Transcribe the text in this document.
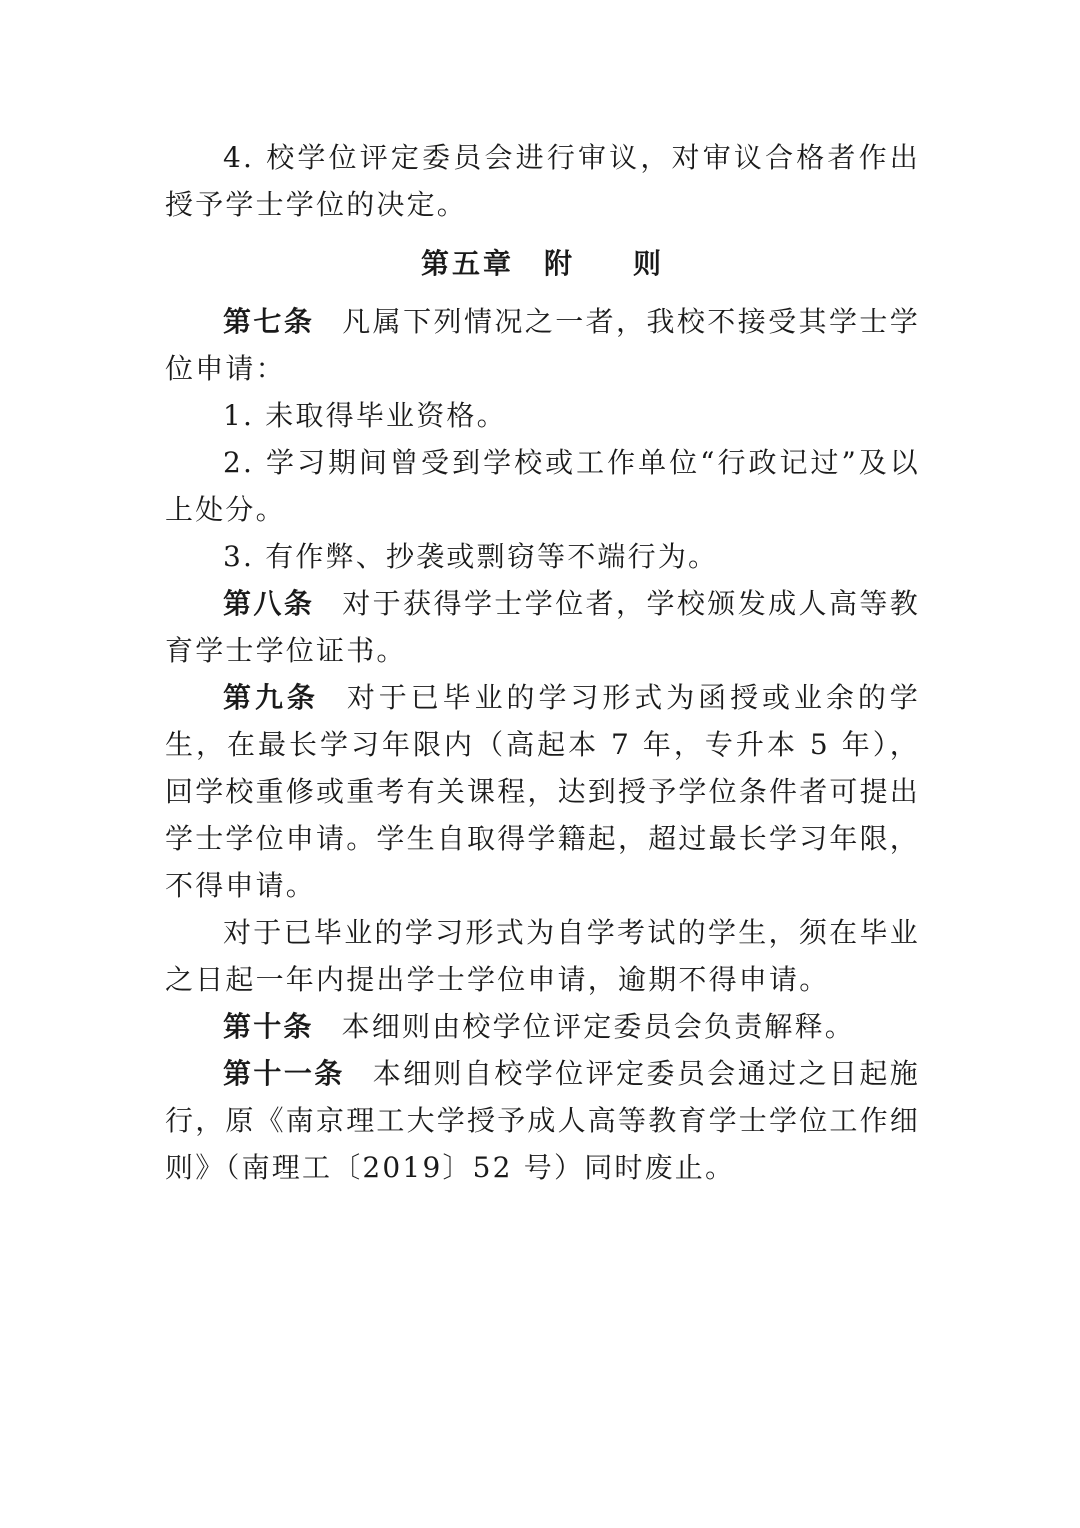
4. 校学位评定委员会进行审议，对审议合格者作出授予学士学位的决定。

第五章 附 则

第七条 凡属下列情况之一者，我校不接受其学士学位申请：

1. 未取得毕业资格。

2. 学习期间曾受到学校或工作单位“行政记过”及以上处分。

3. 有作弊、抄袭或剽窃等不端行为。

第八条 对于获得学士学位者，学校颁发成人高等教育学士学位证书。

第九条 对于已毕业的学习形式为函授或业余的学生，在最长学习年限内（高起本 7 年，专升本 5 年），回学校重修或重考有关课程，达到授予学位条件者可提出学士学位申请。学生自取得学籍起，超过最长学习年限，不得申请。

对于已毕业的学习形式为自学考试的学生，须在毕业之日起一年内提出学士学位申请，逾期不得申请。

第十条 本细则由校学位评定委员会负责解释。

第十一条 本细则自校学位评定委员会通过之日起施行，原《南京理工大学授予成人高等教育学士学位工作细则》（南理工〔2019〕52 号）同时废止。
